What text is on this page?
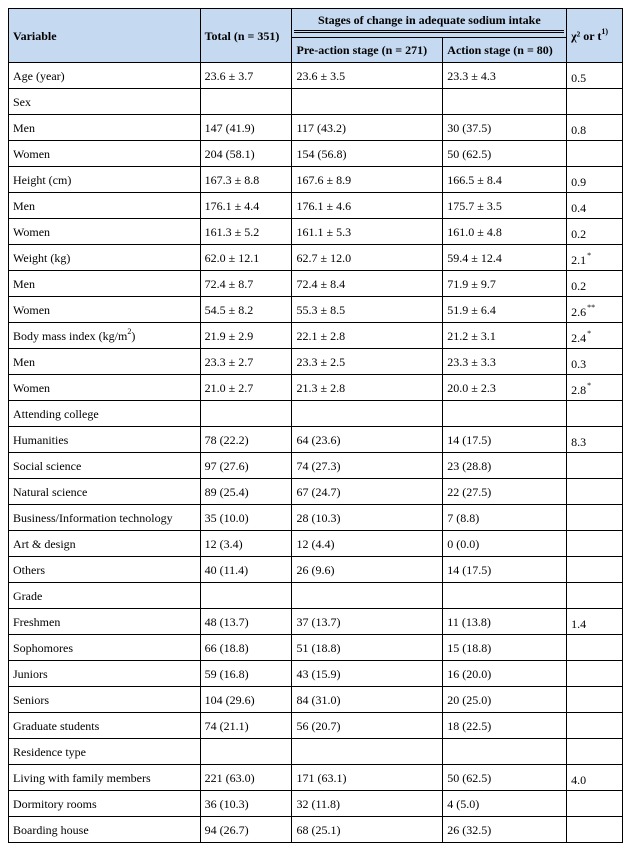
Variable	Total (n = 351)	Stages of change in adequate sodium intake		χ² or $t^{1)}$
		Pre-action stage (n = 271)	Action stage (n = 80)	
Age (year)	23.6 ± 3.7	23.6 ± 3.5	23.3 ± 4.3	0.5
Sex				
Men	147 (41.9)	117 (43.2)	30 (37.5)	0.8
Women	204 (58.1)	154 (56.8)	50 (62.5)	
Height (cm)	167.3 ± 8.8	167.6 ± 8.9	166.5 ± 8.4	0.9
Men	176.1 ± 4.4	176.1 ± 4.6	175.7 ± 3.5	0.4
Women	161.3 ± 5.2	161.1 ± 5.3	161.0 ± 4.8	0.2
Weight (kg)	62.0 ± 12.1	62.7 ± 12.0	59.4 ± 12.4	2.1*
Men	72.4 ± 8.7	72.4 ± 8.4	71.9 ± 9.7	0.2
Women	54.5 ± 8.2	55.3 ± 8.5	51.9 ± 6.4	2.6**
Body mass index $(kg/m^2)$	21.9 ± 2.9	22.1 ± 2.8	21.2 ± 3.1	2.4*
Men	23.3 ± 2.7	23.3 ± 2.5	23.3 ± 3.3	0.3
Women	21.0 ± 2.7	21.3 ± 2.8	20.0 ± 2.3	2.8*
Attending college				
Humanities	78 (22.2)	64 (23.6)	14 (17.5)	8.3
Social science	97 (27.6)	74 (27.3)	23 (28.8)	
Natural science	89 (25.4)	67 (24.7)	22 (27.5)	
Business/Information technology	35 (10.0)	28 (10.3)	7 (8.8)	
Art & design	12 (3.4)	12 (4.4)	0 (0.0)	
Others	40 (11.4)	26 (9.6)	14 (17.5)	
Grade				
Freshmen	48 (13.7)	37 (13.7)	11 (13.8)	1.4
Sophomores	66 (18.8)	51 (18.8)	15 (18.8)	
Juniors	59 (16.8)	43 (15.9)	16 (20.0)	
Seniors	104 (29.6)	84 (31.0)	20 (25.0)	
Graduate students	74 (21.1)	56 (20.7)	18 (22.5)	
Residence type				
Living with family members	221 (63.0)	171 (63.1)	50 (62.5)	4.0
Dormitory rooms	36 (10.3)	32 (11.8)	4 (5.0)	
Boarding house	94 (26.7)	68 (25.1)	26 (32.5)	
